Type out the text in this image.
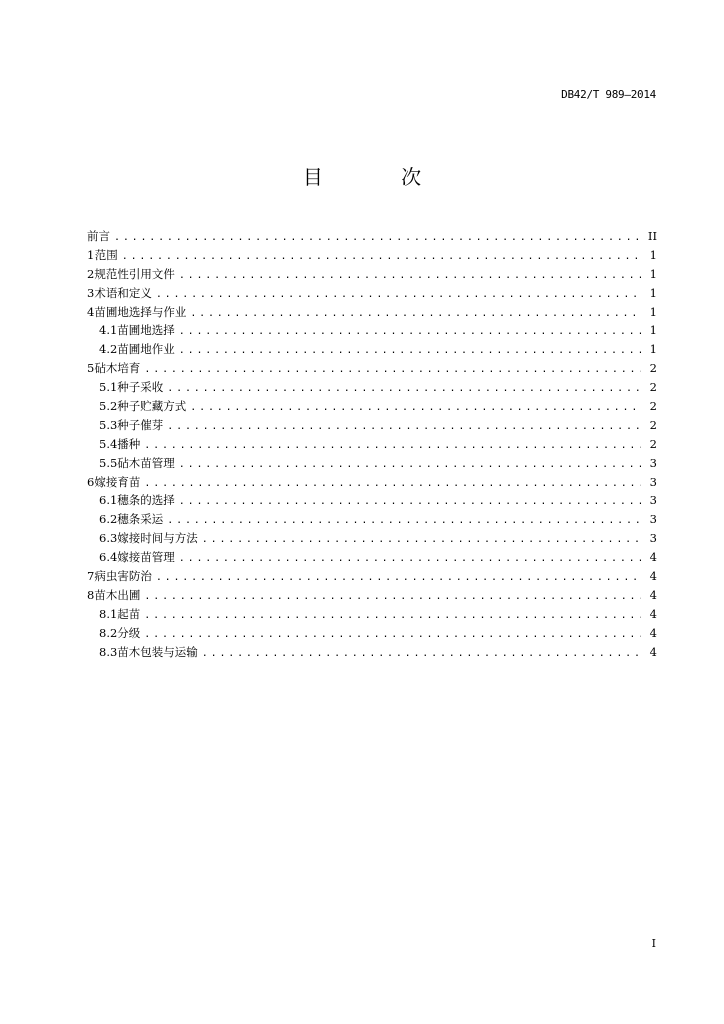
DB42/T 989—2014
目 次
前言 .....	II
1 范围 .....	1
2 规范性引用文件 .....	1
3 术语和定义 .....	1
4 苗圃地选择与作业 .....	1
4.1 苗圃地选择 .....	1
4.2 苗圃地作业 .....	1
5 砧木培育 .....	2
5.1 种子采收 .....	2
5.2 种子贮藏方式 .....	2
5.3 种子催芽 .....	2
5.4 播种 .....	2
5.5 砧木苗管理 .....	3
6 嫁接育苗 .....	3
6.1 穗条的选择 .....	3
6.2 穗条采运 .....	3
6.3 嫁接时间与方法 .....	3
6.4 嫁接苗管理 .....	4
7 病虫害防治 .....	4
8 苗木出圃 .....	4
8.1 起苗 .....	4
8.2 分级 .....	4
8.3 苗木包装与运输 .....	4
I
